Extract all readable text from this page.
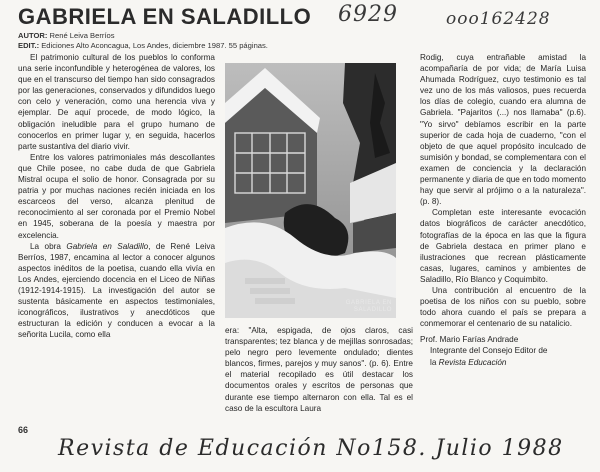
GABRIELA EN SALADILLO 6929	ооо162428
AUTOR: René Leiva Berríos
EDIT.: Ediciones Alto Aconcagua, Los Andes, diciembre 1987. 55 páginas.

El patrimonio cultural de los pueblos lo conforma una serie inconfundible y heterogénea de valores, los que en el transcurso del tiempo han sido consagrados por las generaciones, conservados y difundidos luego con celo y veneración, como una herencia viva y ejemplar. De aquí procede, de modo lógico, la obligación ineludible para el grupo humano de conocerlos en primer lugar y, en seguida, hacerlos parte sustantiva del diario vivir.

Entre los valores patrimoniales más descollantes que Chile posee, no cabe duda de que Gabriela Mistral ocupa el solio de honor. Consagrada por su patria y por muchas naciones recién iniciada en los escarceos del verso, alcanza plenitud de reconocimiento al ser coronada por el Premio Nobel en 1945, soberana de la poesía y maestra por excelencia.

La obra Gabriela en Saladillo, de René Leiva Berríos, 1987, encamina al lector a conocer algunos aspectos inéditos de la poetisa, cuando ella vivía en Los Andes, ejerciendo docencia en el Liceo de Niñas (1912-1914-1915). La investigación del autor se sustenta básicamente en aspectos testimoniales, iconográficos, ilustrativos y anecdóticos que estructuran la edición y conducen a evocar a la señorita Lucila, como ella

GABRIELA EN
SALADILLO

era: "Alta, espigada, de ojos claros, casi transparentes; tez blanca y de mejillas sonrosadas; pelo negro pero levemente ondulado; dientes blancos, firmes, parejos y muy sanos". (p. 6). Entre el material recopilado es útil destacar los documentos orales y escritos de personas que durante ese tiempo alternaron con ella. Tal es el caso de la escultora Laura

Rodig, cuya entrañable amistad la acompañaría de por vida; de María Luisa Ahumada Rodríguez, cuyo testimonio es tal vez uno de los más valiosos, pues recuerda los días de colegio, cuando era alumna de Gabriela. "Pajaritos (...) nos llamaba" (p.6). "Yo sirvo" debíamos escribir en la parte superior de cada hoja de cuaderno, "con el objeto de que aquel propósito inculcado de sumisión y bondad, se complementara con el examen de conciencia y la declaración permanente y diaria de que en todo momento hay que servir al prójimo o a la naturaleza". (p. 8).

Completan este interesante evocación datos biográficos de carácter anecdótico, fotografías de la época en las que la figura de Gabriela destaca en primer plano e ilustraciones que recrean plásticamente casas, lugares, caminos y ambientes de Saladillo, Río Blanco y Coquimbito.

Una contribución al encuentro de la poetisa de los niños con su pueblo, sobre todo ahora cuando el país se prepara a conmemorar el centenario de su natalicio.

Prof. Mario Farías Andrade

Integrante del Consejo Editor de

la Revista Educación

66
Revista de Educación No158. Julio 1988
